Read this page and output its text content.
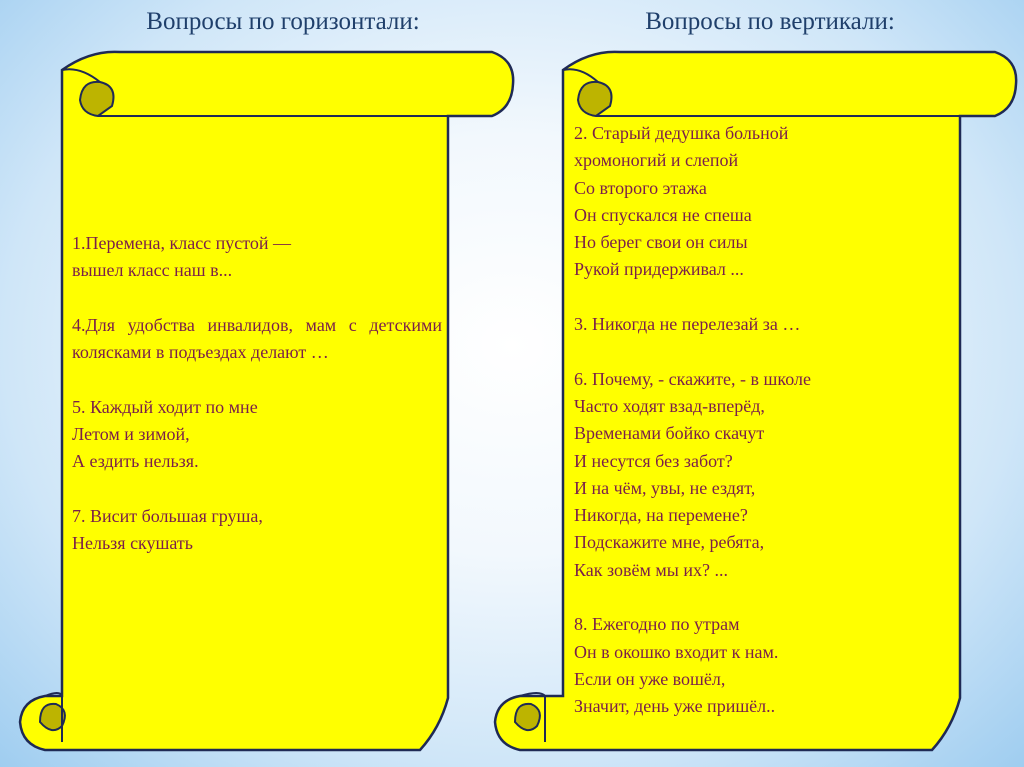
Вопросы по горизонтали:	Вопросы по вертикали:
1.Перемена, класс пустой —
вышел класс наш в...
4.Для удобства инвалидов, мам с детскими колясками в подъездах делают …
5. Каждый ходит по мне
Летом и зимой,
А ездить нельзя.
7. Висит большая груша,
Нельзя скушать
2. Старый дедушка больной
хромоногий и слепой
Со второго этажа
Он спускался не спеша
Но берег свои он силы
Рукой придерживал ...
3. Никогда не перелезай за …
6. Почему, - скажите, - в школе
Часто ходят взад-вперёд,
Временами бойко скачут
И несутся без забот?
И на чём, увы, не ездят,
Никогда, на перемене?
Подскажите мне, ребята,
Как зовём мы их? ...
8. Ежегодно по утрам
Он в окошко входит к нам.
Если он уже вошёл,
Значит, день уже пришёл..
